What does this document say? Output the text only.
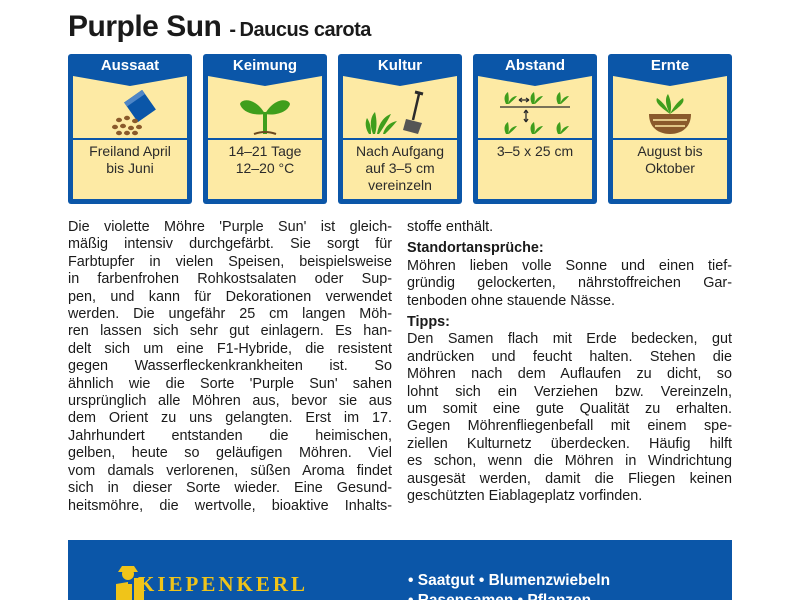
Purple Sun - Daucus carota
Aussaat
Freiland April
bis Juni
Keimung
14–21 Tage
12–20 °C
Kultur
Nach Aufgang
auf 3–5 cm
vereinzeln
Abstand
3–5 x 25 cm
Ernte
August bis
Oktober
Die violette Möhre 'Purple Sun' ist gleich-
mäßig intensiv durchgefärbt. Sie sorgt für
Farbtupfer in vielen Speisen, beispielsweise
in farbenfrohen Rohkostsalaten oder Sup-
pen, und kann für Dekorationen verwendet
werden. Die ungefähr 25 cm langen Möh-
ren lassen sich sehr gut einlagern. Es han-
delt sich um eine F1-Hybride, die resistent
gegen Wasserfleckenkrankheiten ist. So
ähnlich wie die Sorte 'Purple Sun' sahen
ursprünglich alle Möhren aus, bevor sie aus
dem Orient zu uns gelangten. Erst im 17.
Jahrhundert entstanden die heimischen,
gelben, heute so geläufigen Möhren. Viel
vom damals verlorenen, süßen Aroma findet
sich in dieser Sorte wieder. Eine Gesund-
heitsmöhre, die wertvolle, bioaktive Inhalts-
stoffe enthält.
Standortansprüche:
Möhren lieben volle Sonne und einen tief-
gründig gelockerten, nährstoffreichen Gar-
tenboden ohne stauende Nässe.
Tipps:
Den Samen flach mit Erde bedecken, gut
andrücken und feucht halten. Stehen die
Möhren nach dem Auflaufen zu dicht, so
lohnt sich ein Verziehen bzw. Vereinzeln,
um somit eine gute Qualität zu erhalten.
Gegen Möhrenfliegenbefall mit einem spe-
ziellen Kulturnetz überdecken. Häufig hilft
es schon, wenn die Möhren in Windrichtung
ausgesät werden, damit die Fliegen keinen
geschützten Eiablageplatz vorfinden.
KIEPENKERL	• Saatgut • Blumenzwiebeln
• Rasensamen • Pflanzen
